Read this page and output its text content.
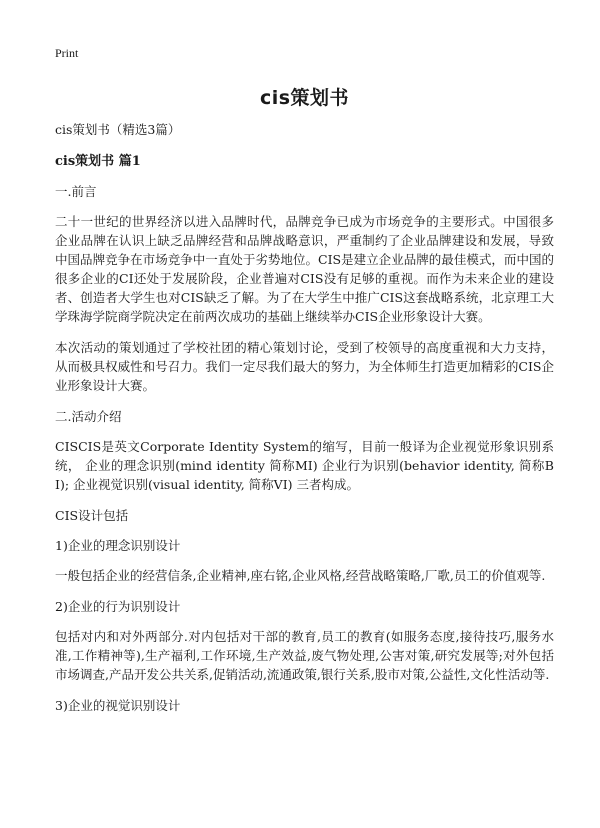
Print

cis策划书

cis策划书（精选3篇）

cis策划书 篇1

一.前言

二十一世纪的世界经济以进入品牌时代，品牌竞争已成为市场竞争的主要形式。中国很多企业品牌在认识上缺乏品牌经营和品牌战略意识，严重制约了企业品牌建设和发展，导致中国品牌竞争在市场竞争中一直处于劣势地位。CIS是建立企业品牌的最佳模式，而中国的很多企业的CI还处于发展阶段，企业普遍对CIS没有足够的重视。而作为未来企业的建设者、创造者大学生也对CIS缺乏了解。为了在大学生中推广CIS这套战略系统，北京理工大学珠海学院商学院决定在前两次成功的基础上继续举办CIS企业形象设计大赛。

本次活动的策划通过了学校社团的精心策划讨论，受到了校领导的高度重视和大力支持，从而极具权威性和号召力。我们一定尽我们最大的努力，为全体师生打造更加精彩的CIS企业形象设计大赛。

二.活动介绍

CISCIS是英文Corporate Identity System的缩写，目前一般译为企业视觉形象识别系统， 企业的理念识别(mind identity 简称MI) 企业行为识别(behavior identity, 简称BI); 企业视觉识别(visual identity, 简称VI) 三者构成。

CIS设计包括

1)企业的理念识别设计

一般包括企业的经营信条,企业精神,座右铭,企业风格,经营战略策略,厂歌,员工的价值观等.

2)企业的行为识别设计

包括对内和对外两部分.对内包括对干部的教育,员工的教育(如服务态度,接待技巧,服务水准,工作精神等),生产福利,工作环境,生产效益,废气物处理,公害对策,研究发展等;对外包括市场调查,产品开发公共关系,促销活动,流通政策,银行关系,股市对策,公益性,文化性活动等.

3)企业的视觉识别设计
